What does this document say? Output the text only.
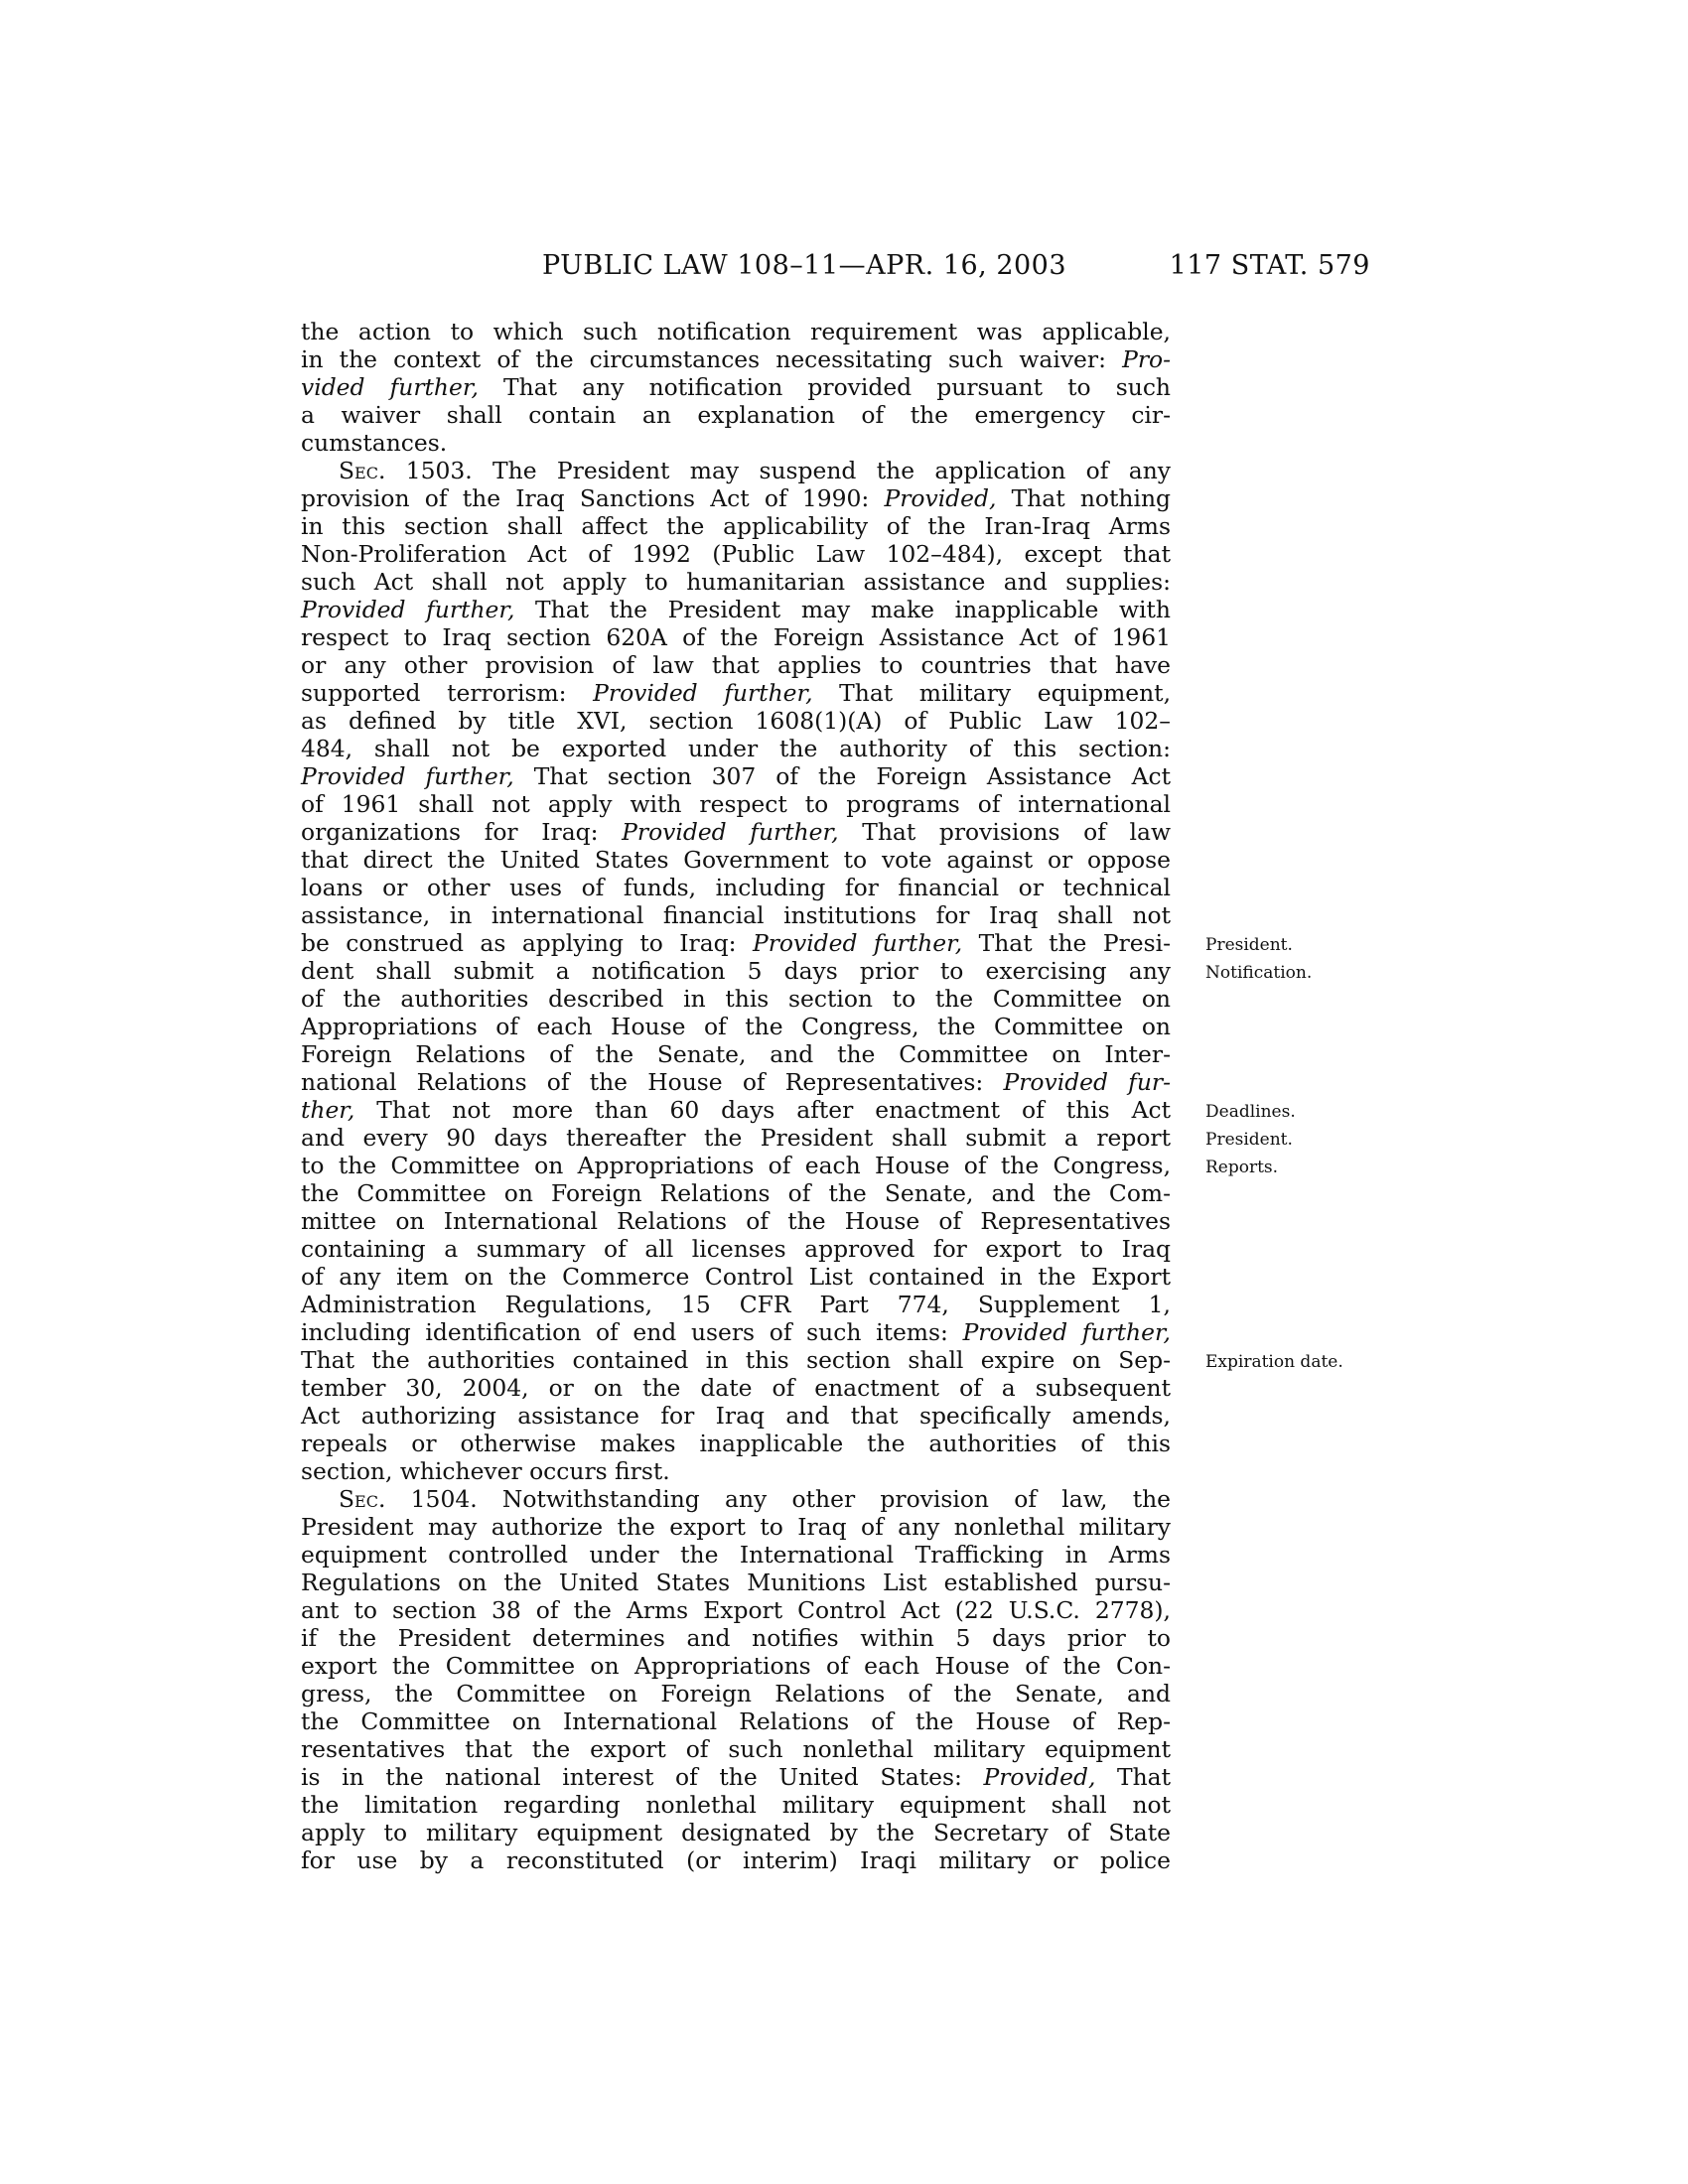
PUBLIC LAW 108–11—APR. 16, 2003	117 STAT. 579
the action to which such notification requirement was applicable,
in the context of the circumstances necessitating such waiver: Pro-
vided further, That any notification provided pursuant to such
a waiver shall contain an explanation of the emergency cir-
cumstances.
Sec. 1503. The President may suspend the application of any
provision of the Iraq Sanctions Act of 1990: Provided, That nothing
in this section shall affect the applicability of the Iran-Iraq Arms
Non-Proliferation Act of 1992 (Public Law 102–484), except that
such Act shall not apply to humanitarian assistance and supplies:
Provided further, That the President may make inapplicable with
respect to Iraq section 620A of the Foreign Assistance Act of 1961
or any other provision of law that applies to countries that have
supported terrorism: Provided further, That military equipment,
as defined by title XVI, section 1608(1)(A) of Public Law 102–
484, shall not be exported under the authority of this section:
Provided further, That section 307 of the Foreign Assistance Act
of 1961 shall not apply with respect to programs of international
organizations for Iraq: Provided further, That provisions of law
that direct the United States Government to vote against or oppose
loans or other uses of funds, including for financial or technical
assistance, in international financial institutions for Iraq shall not
be construed as applying to Iraq: Provided further, That the Presi-
dent shall submit a notification 5 days prior to exercising any
of the authorities described in this section to the Committee on
Appropriations of each House of the Congress, the Committee on
Foreign Relations of the Senate, and the Committee on Inter-
national Relations of the House of Representatives: Provided fur-
ther, That not more than 60 days after enactment of this Act
and every 90 days thereafter the President shall submit a report
to the Committee on Appropriations of each House of the Congress,
the Committee on Foreign Relations of the Senate, and the Com-
mittee on International Relations of the House of Representatives
containing a summary of all licenses approved for export to Iraq
of any item on the Commerce Control List contained in the Export
Administration Regulations, 15 CFR Part 774, Supplement 1,
including identification of end users of such items: Provided further,
That the authorities contained in this section shall expire on Sep-
tember 30, 2004, or on the date of enactment of a subsequent
Act authorizing assistance for Iraq and that specifically amends,
repeals or otherwise makes inapplicable the authorities of this
section, whichever occurs first.
Sec. 1504. Notwithstanding any other provision of law, the
President may authorize the export to Iraq of any nonlethal military
equipment controlled under the International Trafficking in Arms
Regulations on the United States Munitions List established pursu-
ant to section 38 of the Arms Export Control Act (22 U.S.C. 2778),
if the President determines and notifies within 5 days prior to
export the Committee on Appropriations of each House of the Con-
gress, the Committee on Foreign Relations of the Senate, and
the Committee on International Relations of the House of Rep-
resentatives that the export of such nonlethal military equipment
is in the national interest of the United States: Provided, That
the limitation regarding nonlethal military equipment shall not
apply to military equipment designated by the Secretary of State
for use by a reconstituted (or interim) Iraqi military or police
President.
Notification.
Deadlines.
President.
Reports.
Expiration date.
